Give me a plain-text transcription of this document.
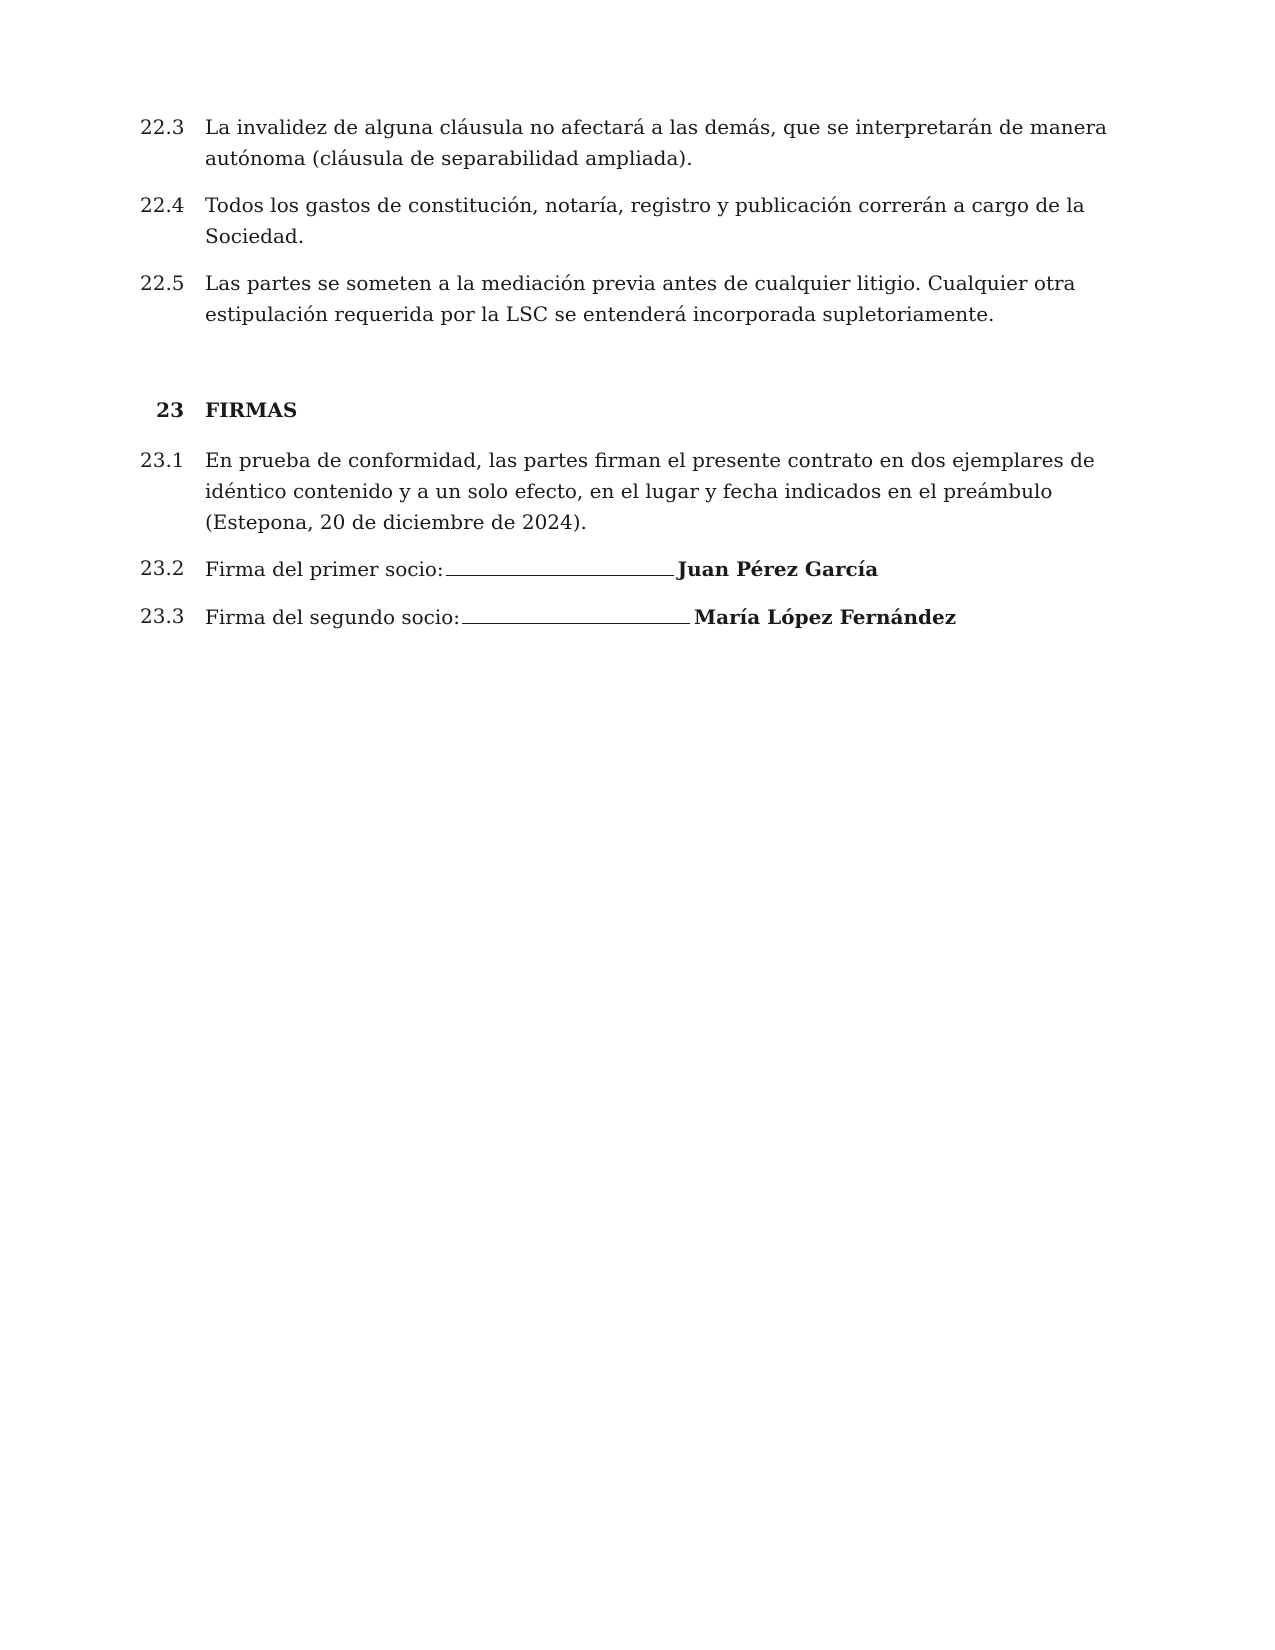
22.3	La invalidez de alguna cláusula no afectará a las demás, que se interpretarán de manera autónoma (cláusula de separabilidad ampliada).
22.4	Todos los gastos de constitución, notaría, registro y publicación correrán a cargo de la Sociedad.
22.5	Las partes se someten a la mediación previa antes de cualquier litigio. Cualquier otra estipulación requerida por la LSC se entenderá incorporada supletoriamente.
23 FIRMAS
23.1	En prueba de conformidad, las partes firman el presente contrato en dos ejemplares de idéntico contenido y a un solo efecto, en el lugar y fecha indicados en el preámbulo (Estepona, 20 de diciembre de 2024).
23.2	Firma del primer socio:	Juan Pérez García
23.3	Firma del segundo socio:	María López Fernández
